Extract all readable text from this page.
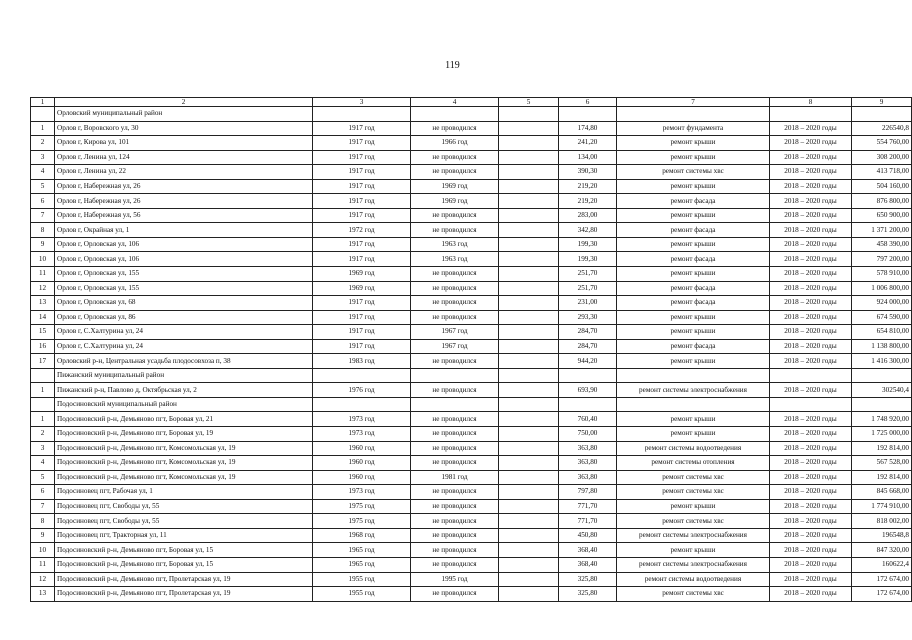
119
1	2	3	4	5	6	7	8	9
	Орловский муниципальный район							
1	Орлов г, Воровского ул, 30	1917 год	не проводился		174,80	ремонт фундамента	2018 – 2020 годы	226540,8
2	Орлов г, Кирова ул, 101	1917 год	1966 год		241,20	ремонт крыши	2018 – 2020 годы	554 760,00
3	Орлов г, Ленина ул, 124	1917 год	не проводился		134,00	ремонт крыши	2018 – 2020 годы	308 200,00
4	Орлов г, Ленина ул, 22	1917 год	не проводился		390,30	ремонт системы хвс	2018 – 2020 годы	413 718,00
5	Орлов г, Набережная ул, 26	1917 год	1969 год		219,20	ремонт крыши	2018 – 2020 годы	504 160,00
6	Орлов г, Набережная ул, 26	1917 год	1969 год		219,20	ремонт фасада	2018 – 2020 годы	876 800,00
7	Орлов г, Набережная ул, 56	1917 год	не проводился		283,00	ремонт крыши	2018 – 2020 годы	650 900,00
8	Орлов г, Окрайная ул, 1	1972 год	не проводился		342,80	ремонт фасада	2018 – 2020 годы	1 371 200,00
9	Орлов г, Орловская ул, 106	1917 год	1963 год		199,30	ремонт крыши	2018 – 2020 годы	458 390,00
10	Орлов г, Орловская ул, 106	1917 год	1963 год		199,30	ремонт фасада	2018 – 2020 годы	797 200,00
11	Орлов г, Орловская ул, 155	1969 год	не проводился		251,70	ремонт крыши	2018 – 2020 годы	578 910,00
12	Орлов г, Орловская ул, 155	1969 год	не проводился		251,70	ремонт фасада	2018 – 2020 годы	1 006 800,00
13	Орлов г, Орловская ул, 68	1917 год	не проводился		231,00	ремонт фасада	2018 – 2020 годы	924 000,00
14	Орлов г, Орловская ул, 86	1917 год	не проводился		293,30	ремонт крыши	2018 – 2020 годы	674 590,00
15	Орлов г, С.Халтурина ул, 24	1917 год	1967 год		284,70	ремонт крыши	2018 – 2020 годы	654 810,00
16	Орлов г, С.Халтурина ул, 24	1917 год	1967 год		284,70	ремонт фасада	2018 – 2020 годы	1 138 800,00
17	Орловский р-н, Центральная усадьба плодосовхоза п, 38	1983 год	не проводился		944,20	ремонт крыши	2018 – 2020 годы	1 416 300,00
	Пижанский муниципальный район							
1	Пижанский р-н, Павлово д, Октябрьская ул, 2	1976 год	не проводился		693,90	ремонт системы электроснабжения	2018 – 2020 годы	302540,4
	Подосиновский муниципальный район							
1	Подосиновский р-н, Демьяново пгт, Боровая ул, 21	1973 год	не проводился		760,40	ремонт крыши	2018 – 2020 годы	1 748 920,00
2	Подосиновский р-н, Демьяново пгт, Боровая ул, 19	1973 год	не проводился		750,00	ремонт крыши	2018 – 2020 годы	1 725 000,00
3	Подосиновский р-н, Демьяново пгт, Комсомольская ул, 19	1960 год	не проводился		363,80	ремонт системы водоотведения	2018 – 2020 годы	192 814,00
4	Подосиновский р-н, Демьяново пгт, Комсомольская ул, 19	1960 год	не проводился		363,80	ремонт системы отопления	2018 – 2020 годы	567 528,00
5	Подосиновский р-н, Демьяново пгт, Комсомольская ул, 19	1960 год	1981 год		363,80	ремонт системы хвс	2018 – 2020 годы	192 814,00
6	Подосиновец пгт, Рабочая ул, 1	1973 год	не проводился		797,80	ремонт системы хвс	2018 – 2020 годы	845 668,00
7	Подосиновец пгт, Свободы ул, 55	1975 год	не проводился		771,70	ремонт крыши	2018 – 2020 годы	1 774 910,00
8	Подосиновец пгт, Свободы ул, 55	1975 год	не проводился		771,70	ремонт системы хвс	2018 – 2020 годы	818 002,00
9	Подосиновец пгт, Тракторная ул, 11	1968 год	не проводился		450,80	ремонт системы электроснабжения	2018 – 2020 годы	196548,8
10	Подосиновский р-н, Демьяново пгт, Боровая ул, 15	1965 год	не проводился		368,40	ремонт крыши	2018 – 2020 годы	847 320,00
11	Подосиновский р-н, Демьяново пгт, Боровая ул, 15	1965 год	не проводился		368,40	ремонт системы электроснабжения	2018 – 2020 годы	160622,4
12	Подосиновский р-н, Демьяново пгт, Пролетарская ул, 19	1955 год	1995 год		325,80	ремонт системы водоотведения	2018 – 2020 годы	172 674,00
13	Подосиновский р-н, Демьяново пгт, Пролетарская ул, 19	1955 год	не проводился		325,80	ремонт системы хвс	2018 – 2020 годы	172 674,00
